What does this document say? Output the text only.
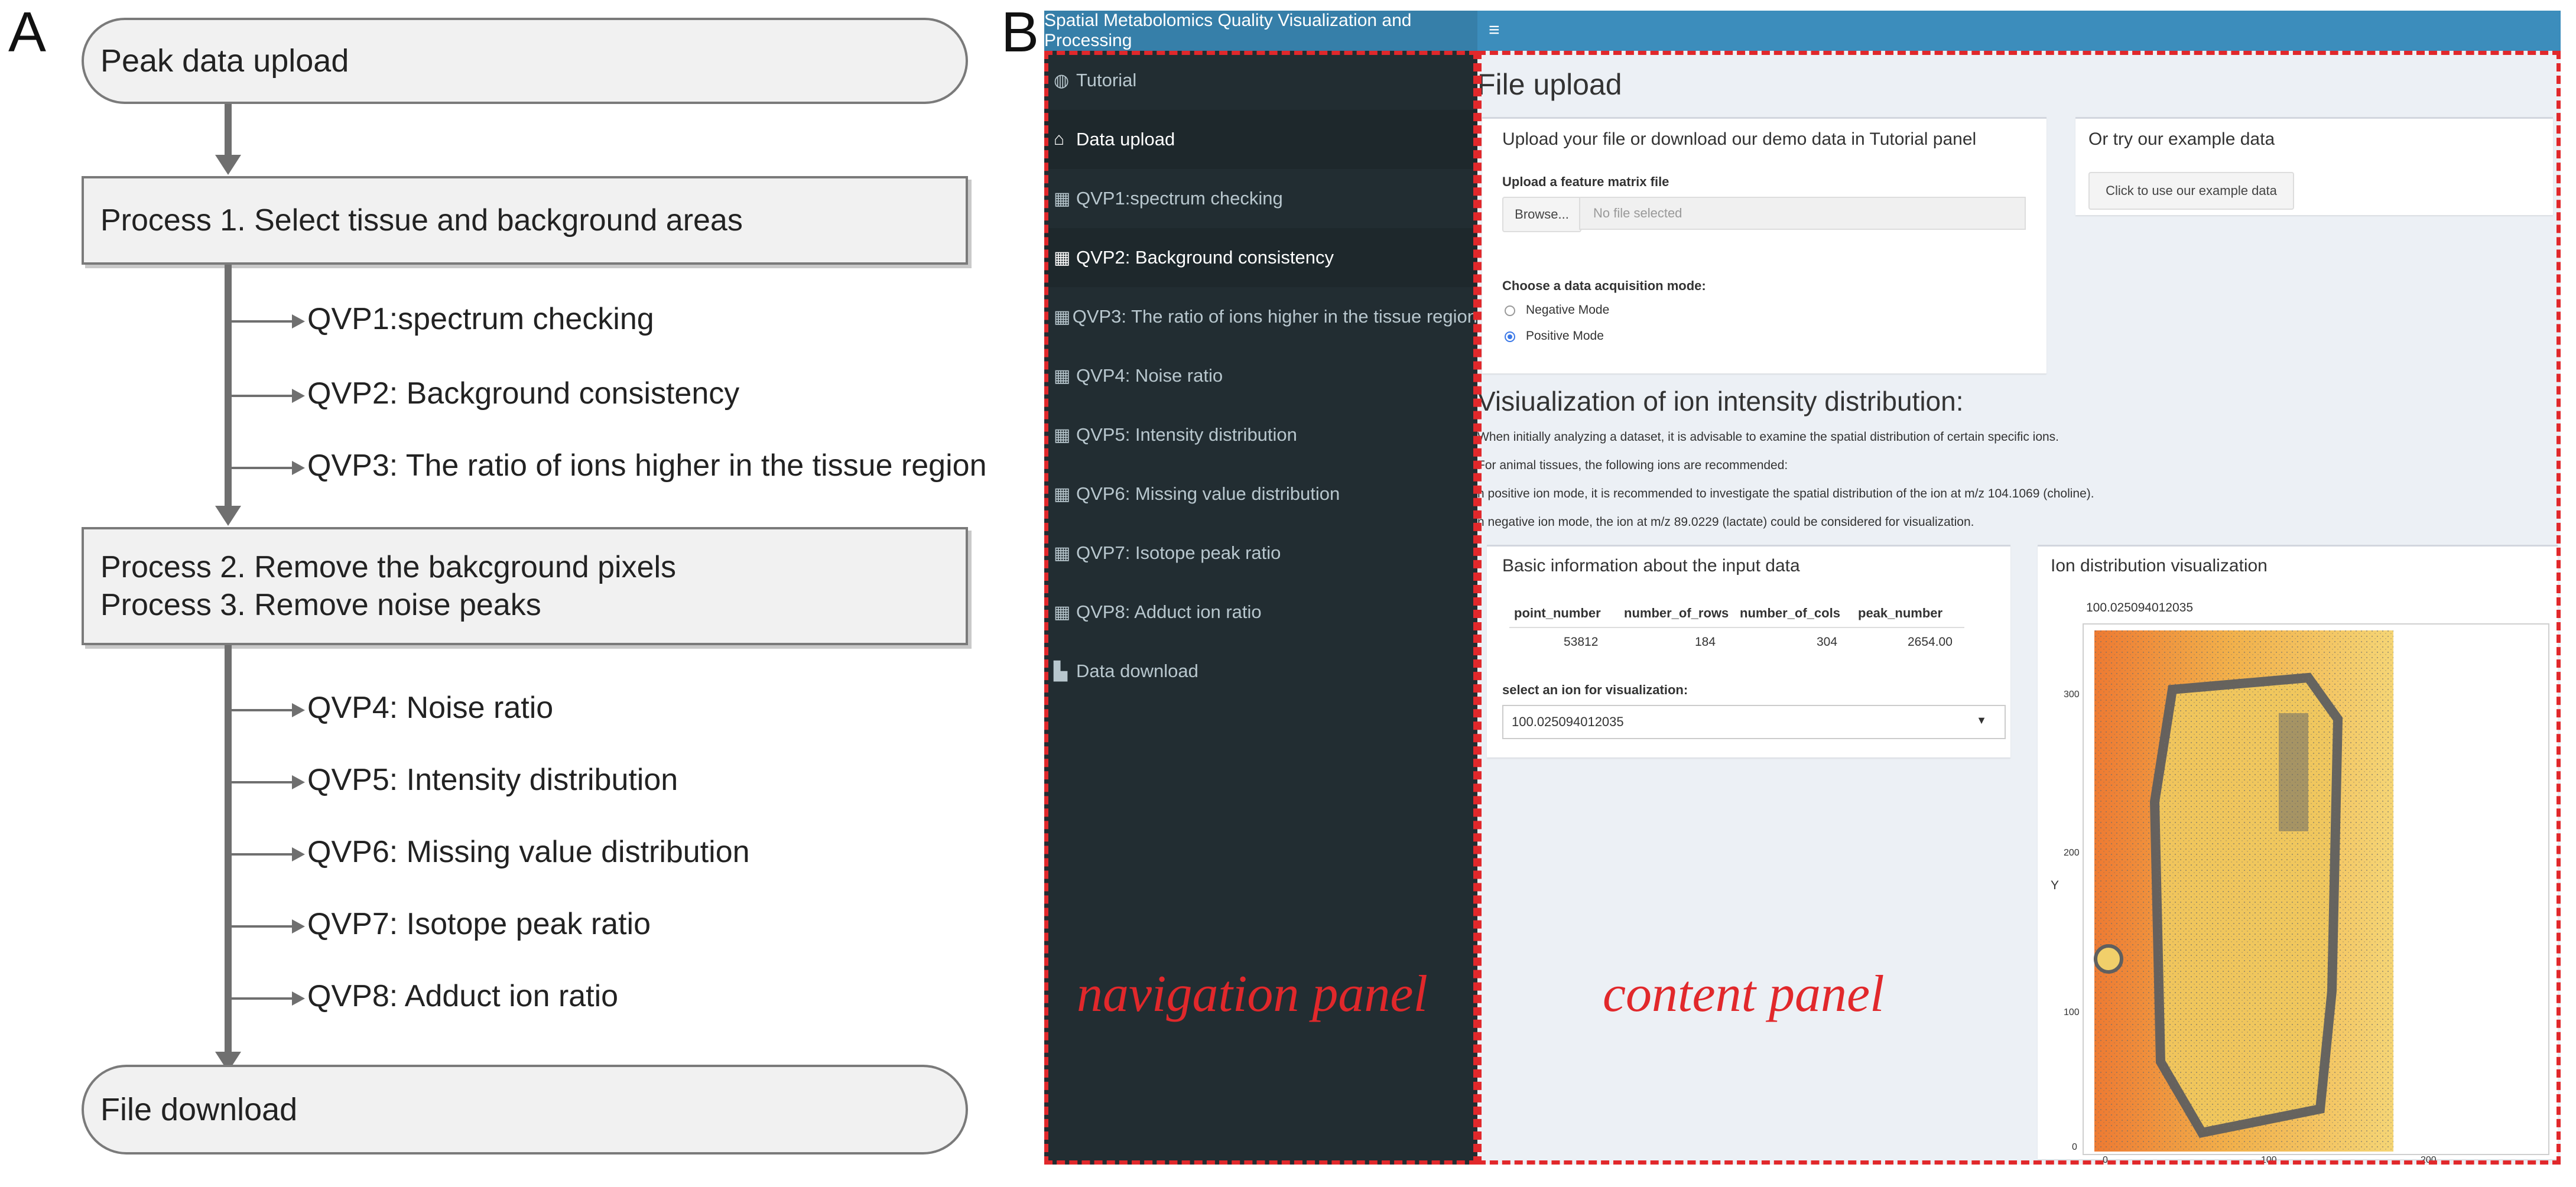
A Peak data upload
Process 1. Select tissue and background areas
QVP1:spectrum checking
QVP2: Background consistency
QVP3: The ratio of ions higher in the tissue region
Process 2. Remove the bakcground pixels
Process 3. Remove noise peaks
QVP4: Noise ratio
QVP5: Intensity distribution
QVP6: Missing value distribution
QVP7: Isotope peak ratio
QVP8: Adduct ion ratio
File download
B Spatial Metabolomics Quality Visualization and Processing
≡
◍ Tutorial
⌂ Data upload
▦ QVP1:spectrum checking
▦ QVP2: Background consistency
▦ QVP3: The ratio of ions higher in the tissue region
▦ QVP4: Noise ratio
▦ QVP5: Intensity distribution
▦ QVP6: Missing value distribution
▦ QVP7: Isotope peak ratio
▦ QVP8: Adduct ion ratio
▙ Data download
File upload
Upload your file or download our demo data in Tutorial panel
Upload a feature matrix file
Browse...	No file selected
Choose a data acquisition mode:
Negative Mode
Positive Mode
Or try our example data
Click to use our example data
Visiualization of ion intensity distribution:
When initially analyzing a dataset, it is advisable to examine the spatial distribution of certain specific ions.
For animal tissues, the following ions are recommended:
n positive ion mode, it is recommended to investigate the spatial distribution of the ion at m/z 104.1069 (choline).
n negative ion mode, the ion at m/z 89.0229 (lactate) could be considered for visualization.
Basic information about the input data
point_number number_of_rows number_of_cols peak_number
53812	184	304	2654.00
select an ion for visualization:
100.025094012035	▼
Ion distribution visualization
100.025094012035
Y
300
200
100
0
0	100	200
navigation panel	content panel
